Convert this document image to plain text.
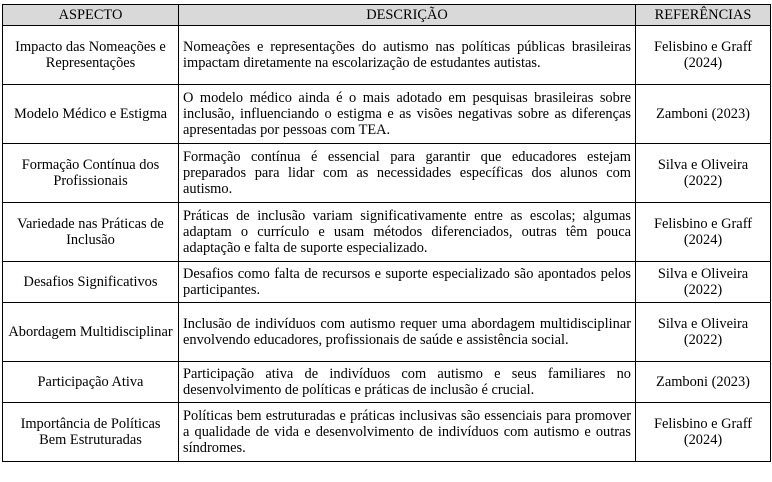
ASPECTO	DESCRIÇÃO	REFERÊNCIAS
Impacto das Nomeações e Representações	Nomeações e representações do autismo nas políticas públicas brasileiras impactam diretamente na escolarização de estudantes autistas.	Felisbino e Graff (2024)
Modelo Médico e Estigma	O modelo médico ainda é o mais adotado em pesquisas brasileiras sobre inclusão, influenciando o estigma e as visões negativas sobre as diferenças apresentadas por pessoas com TEA.	Zamboni (2023)
Formação Contínua dos Profissionais	Formação contínua é essencial para garantir que educadores estejam preparados para lidar com as necessidades específicas dos alunos com autismo.	Silva e Oliveira (2022)
Variedade nas Práticas de Inclusão	Práticas de inclusão variam significativamente entre as escolas; algumas adaptam o currículo e usam métodos diferenciados, outras têm pouca adaptação e falta de suporte especializado.	Felisbino e Graff (2024)
Desafios Significativos	Desafios como falta de recursos e suporte especializado são apontados pelos participantes.	Silva e Oliveira (2022)
Abordagem Multidisciplinar	Inclusão de indivíduos com autismo requer uma abordagem multidisciplinar envolvendo educadores, profissionais de saúde e assistência social.	Silva e Oliveira (2022)
Participação Ativa	Participação ativa de indivíduos com autismo e seus familiares no desenvolvimento de políticas e práticas de inclusão é crucial.	Zamboni (2023)
Importância de Políticas Bem Estruturadas	Políticas bem estruturadas e práticas inclusivas são essenciais para promover a qualidade de vida e desenvolvimento de indivíduos com autismo e outras síndromes.	Felisbino e Graff (2024)
